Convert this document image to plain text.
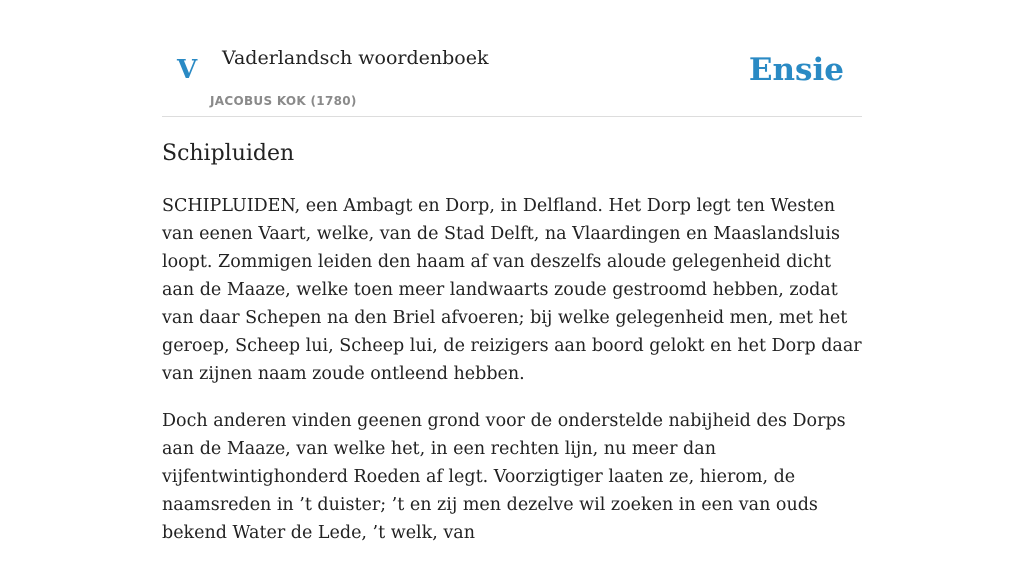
V Vaderlandsch woordenboek
JACOBUS KOK (1780)
Ensie
Schipluiden

SCHIPLUIDEN, een Ambagt en Dorp, in Delfland. Het Dorp legt ten Westen van eenen Vaart, welke, van de Stad Delft, na Vlaardingen en Maaslandsluis loopt. Zommigen leiden den haam af van deszelfs aloude gelegenheid dicht aan de Maaze, welke toen meer landwaarts zoude gestroomd hebben, zodat van daar Schepen na den Briel afvoeren; bij welke gelegenheid men, met het geroep, Scheep lui, Scheep lui, de reizigers aan boord gelokt en het Dorp daar van zijnen naam zoude ontleend hebben.

Doch anderen vinden geenen grond voor de onderstelde nabijheid des Dorps aan de Maaze, van welke het, in een rechten lijn, nu meer dan vijfentwintighonderd Roeden af legt. Voorzigtiger laaten ze, hierom, de naamsreden in ’t duister; ’t en zij men dezelve wil zoeken in een van ouds bekend Water de Lede, ’t welk, van
